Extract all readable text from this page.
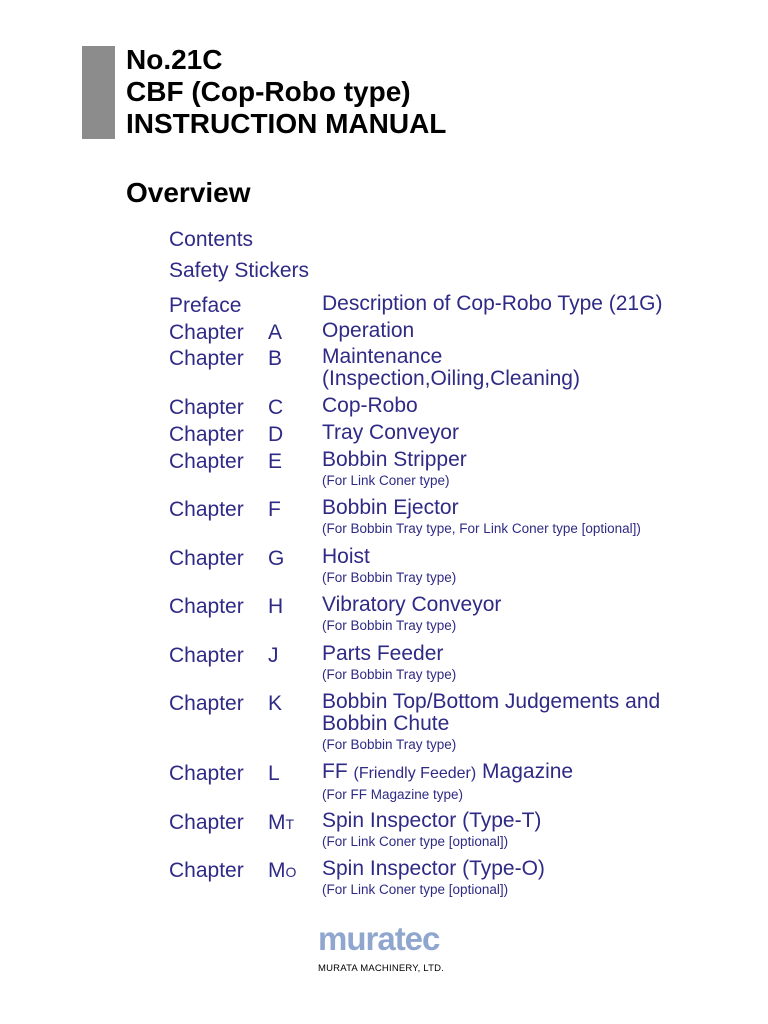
No.21C
CBF (Cop-Robo type)
INSTRUCTION MANUAL
Overview
Contents
Safety Stickers
Preface	Description of Cop-Robo Type (21G)
Chapter A Operation
Chapter B Maintenance
(Inspection,Oiling,Cleaning)
Chapter C Cop-Robo
Chapter D Tray Conveyor
Chapter E Bobbin Stripper
(For Link Coner type)
Chapter F Bobbin Ejector
(For Bobbin Tray type, For Link Coner type [optional])
Chapter G Hoist
(For Bobbin Tray type)
Chapter H Vibratory Conveyor
(For Bobbin Tray type)
Chapter J Parts Feeder
(For Bobbin Tray type)
Chapter K Bobbin Top/Bottom Judgements and
Bobbin Chute
(For Bobbin Tray type)
Chapter L FF (Friendly Feeder) Magazine
(For FF Magazine type)
Chapter MT Spin Inspector (Type-T)
(For Link Coner type [optional])
Chapter MO Spin Inspector (Type-O)
(For Link Coner type [optional])
muratec
MURATA MACHINERY, LTD.
